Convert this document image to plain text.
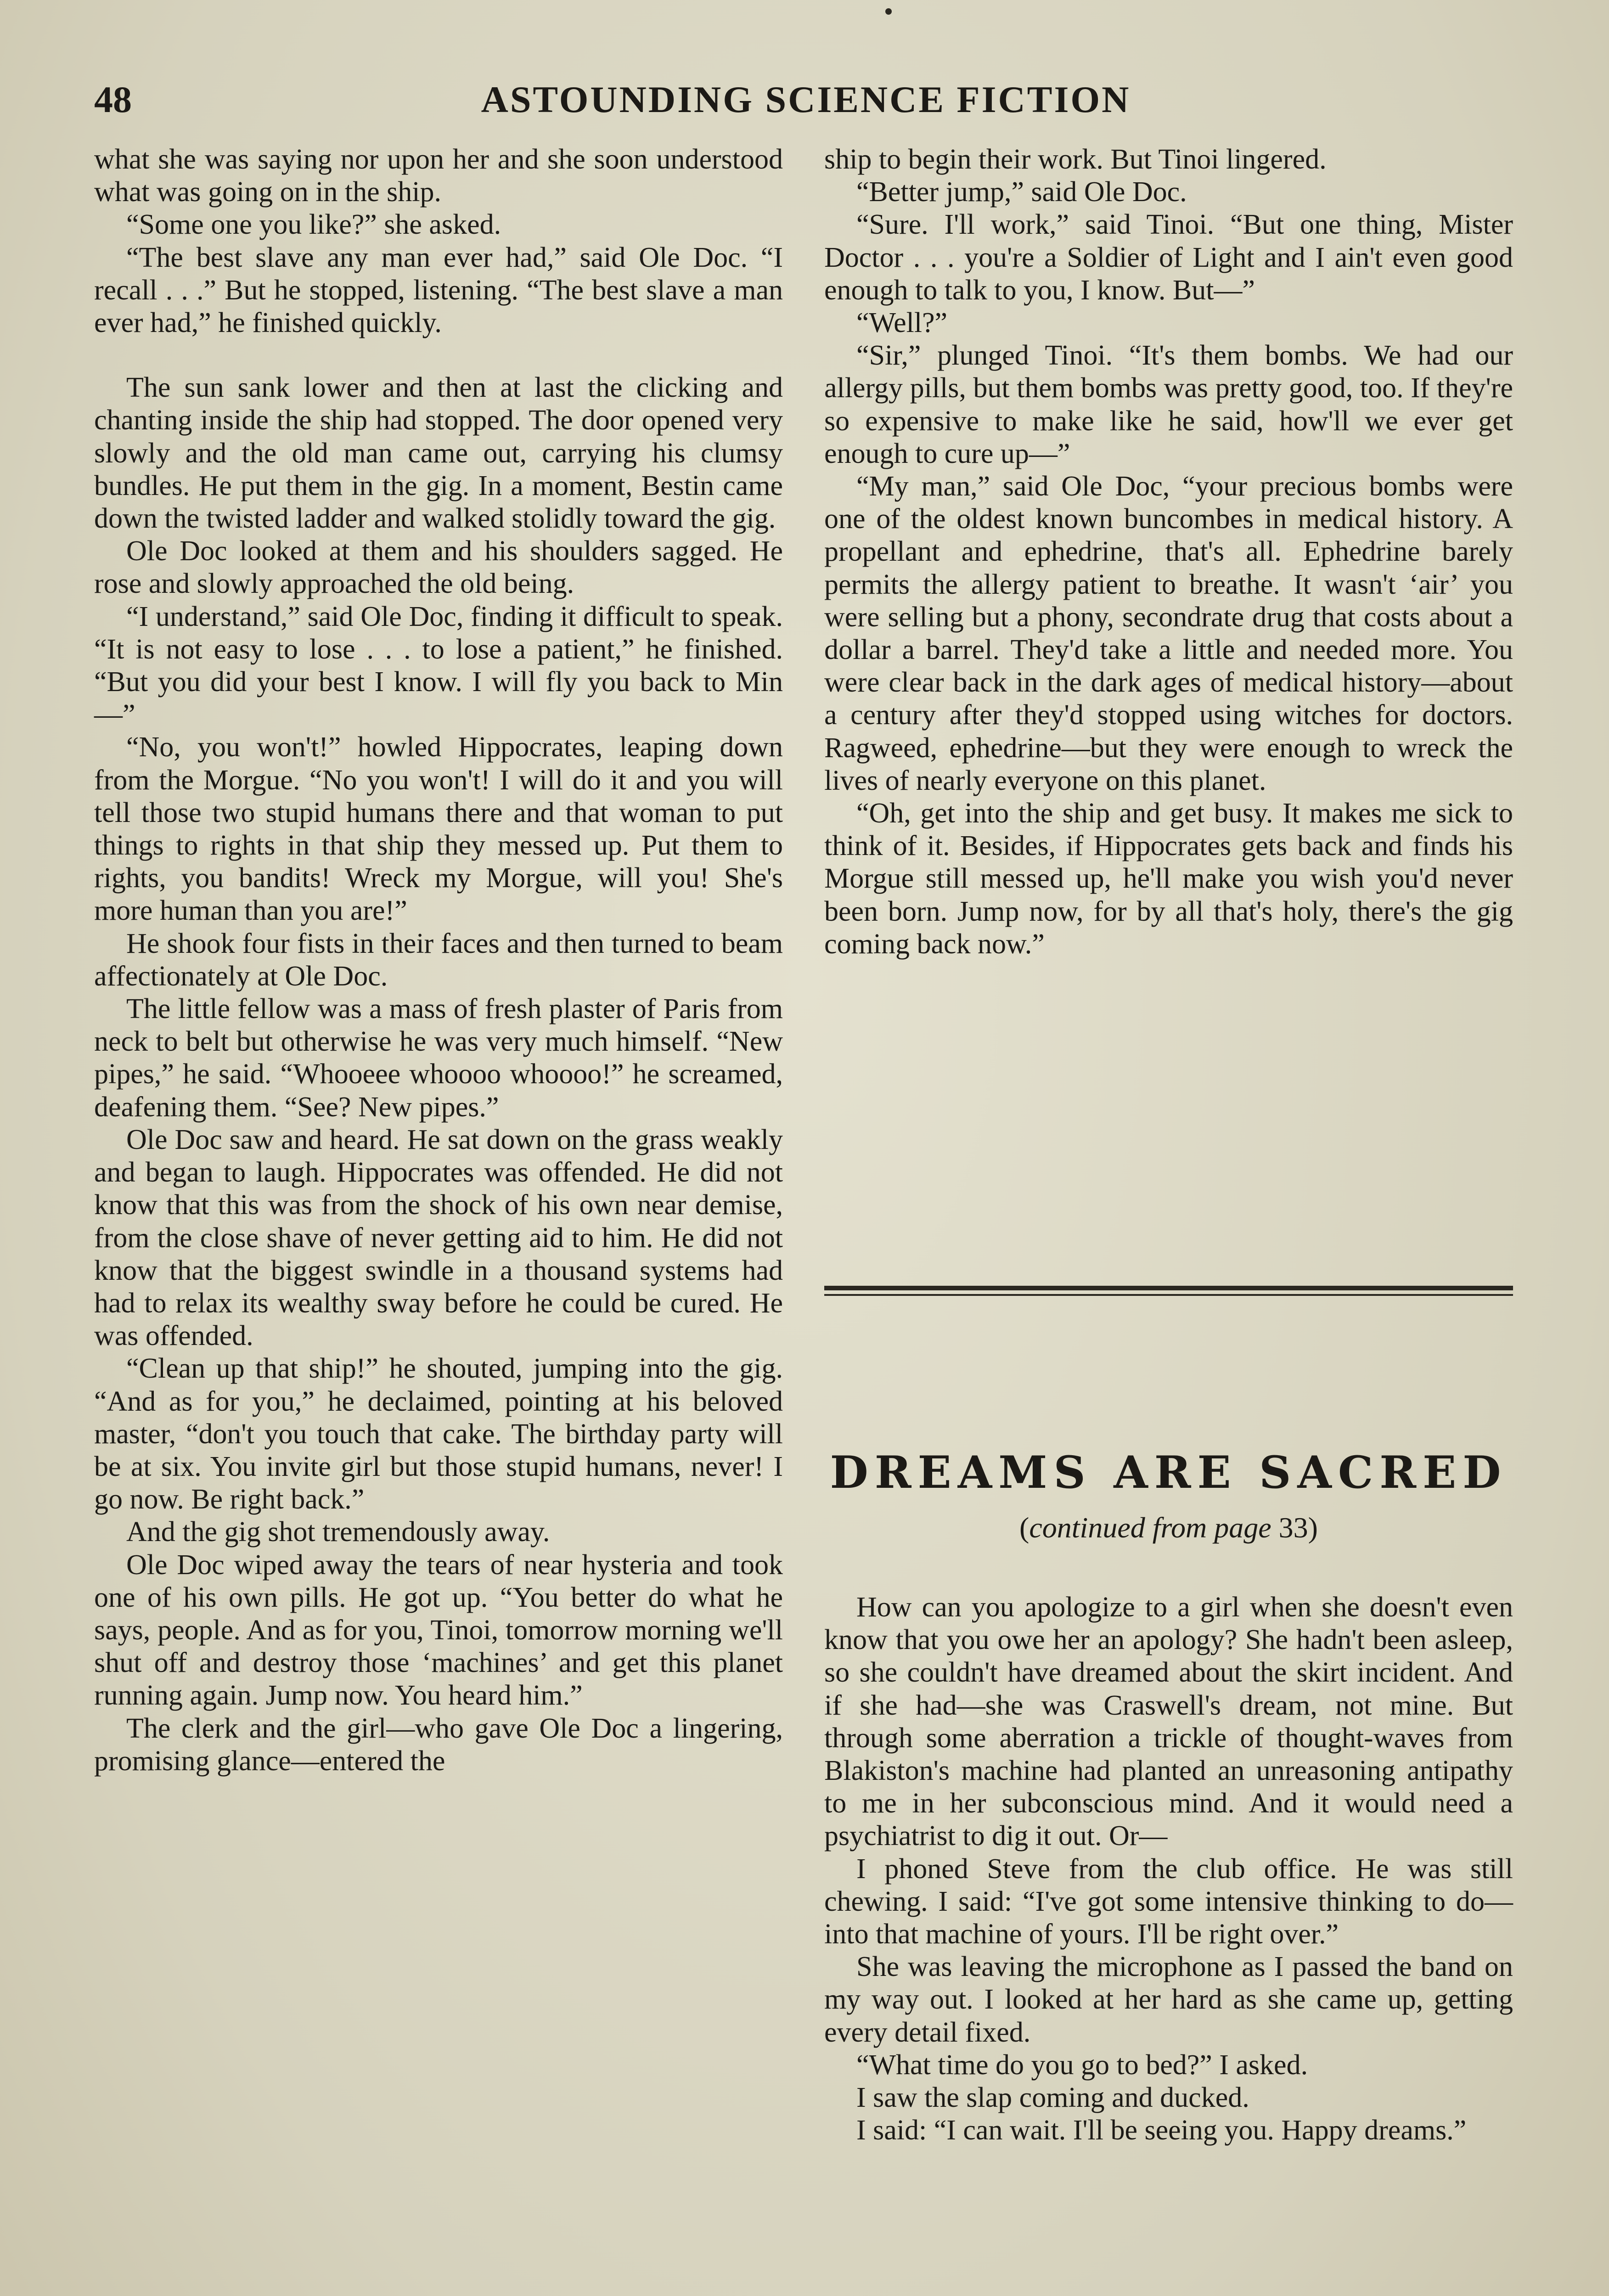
48	ASTOUNDING SCIENCE FICTION

what she was saying nor upon her and she soon understood what was going on in the ship.

“Some one you like?” she asked.

“The best slave any man ever had,” said Ole Doc. “I recall . . .” But he stopped, listening. “The best slave a man ever had,” he finished quickly.

The sun sank lower and then at last the clicking and chanting inside the ship had stopped. The door opened very slowly and the old man came out, carrying his clumsy bundles. He put them in the gig. In a moment, Bestin came down the twisted ladder and walked stolidly toward the gig.

Ole Doc looked at them and his shoulders sagged. He rose and slowly approached the old being.

“I understand,” said Ole Doc, finding it difficult to speak. “It is not easy to lose . . . to lose a patient,” he finished. “But you did your best I know. I will fly you back to Min—”

“No, you won't!” howled Hippocrates, leaping down from the Morgue. “No you won't! I will do it and you will tell those two stupid humans there and that woman to put things to rights in that ship they messed up. Put them to rights, you bandits! Wreck my Morgue, will you! She's more human than you are!”

He shook four fists in their faces and then turned to beam affectionately at Ole Doc.

The little fellow was a mass of fresh plaster of Paris from neck to belt but otherwise he was very much himself. “New pipes,” he said. “Whooeee whoooo whoooo!” he screamed, deafening them. “See? New pipes.”

Ole Doc saw and heard. He sat down on the grass weakly and began to laugh. Hippocrates was offended. He did not know that this was from the shock of his own near demise, from the close shave of never getting aid to him. He did not know that the biggest swindle in a thousand systems had had to relax its wealthy sway before he could be cured. He was offended.

“Clean up that ship!” he shouted, jumping into the gig. “And as for you,” he declaimed, pointing at his beloved master, “don't you touch that cake. The birthday party will be at six. You invite girl but those stupid humans, never! I go now. Be right back.”

And the gig shot tremendously away.

Ole Doc wiped away the tears of near hysteria and took one of his own pills. He got up. “You better do what he says, people. And as for you, Tinoi, tomorrow morning we'll shut off and destroy those ‘machines’ and get this planet running again. Jump now. You heard him.”

The clerk and the girl—who gave Ole Doc a lingering, promising glance—entered the

ship to begin their work. But Tinoi lingered.

“Better jump,” said Ole Doc.

“Sure. I'll work,” said Tinoi. “But one thing, Mister Doctor . . . you're a Soldier of Light and I ain't even good enough to talk to you, I know. But—”

“Well?”

“Sir,” plunged Tinoi. “It's them bombs. We had our allergy pills, but them bombs was pretty good, too. If they're so expensive to make like he said, how'll we ever get enough to cure up—”

“My man,” said Ole Doc, “your precious bombs were one of the oldest known buncombes in medical history. A propellant and ephedrine, that's all. Ephedrine barely permits the allergy patient to breathe. It wasn't ‘air’ you were selling but a phony, secondrate drug that costs about a dollar a barrel. They'd take a little and needed more. You were clear back in the dark ages of medical history—about a century after they'd stopped using witches for doctors. Ragweed, ephedrine—but they were enough to wreck the lives of nearly everyone on this planet.

“Oh, get into the ship and get busy. It makes me sick to think of it. Besides, if Hippocrates gets back and finds his Morgue still messed up, he'll make you wish you'd never been born. Jump now, for by all that's holy, there's the gig coming back now.”

DREAMS ARE SACRED
(continued from page 33)

How can you apologize to a girl when she doesn't even know that you owe her an apology? She hadn't been asleep, so she couldn't have dreamed about the skirt incident. And if she had—she was Craswell's dream, not mine. But through some aberration a trickle of thought-waves from Blakiston's machine had planted an unreasoning antipathy to me in her subconscious mind. And it would need a psychiatrist to dig it out. Or—

I phoned Steve from the club office. He was still chewing. I said: “I've got some intensive thinking to do—into that machine of yours. I'll be right over.”

She was leaving the microphone as I passed the band on my way out. I looked at her hard as she came up, getting every detail fixed.

“What time do you go to bed?” I asked.

I saw the slap coming and ducked.

I said: “I can wait. I'll be seeing you. Happy dreams.”
